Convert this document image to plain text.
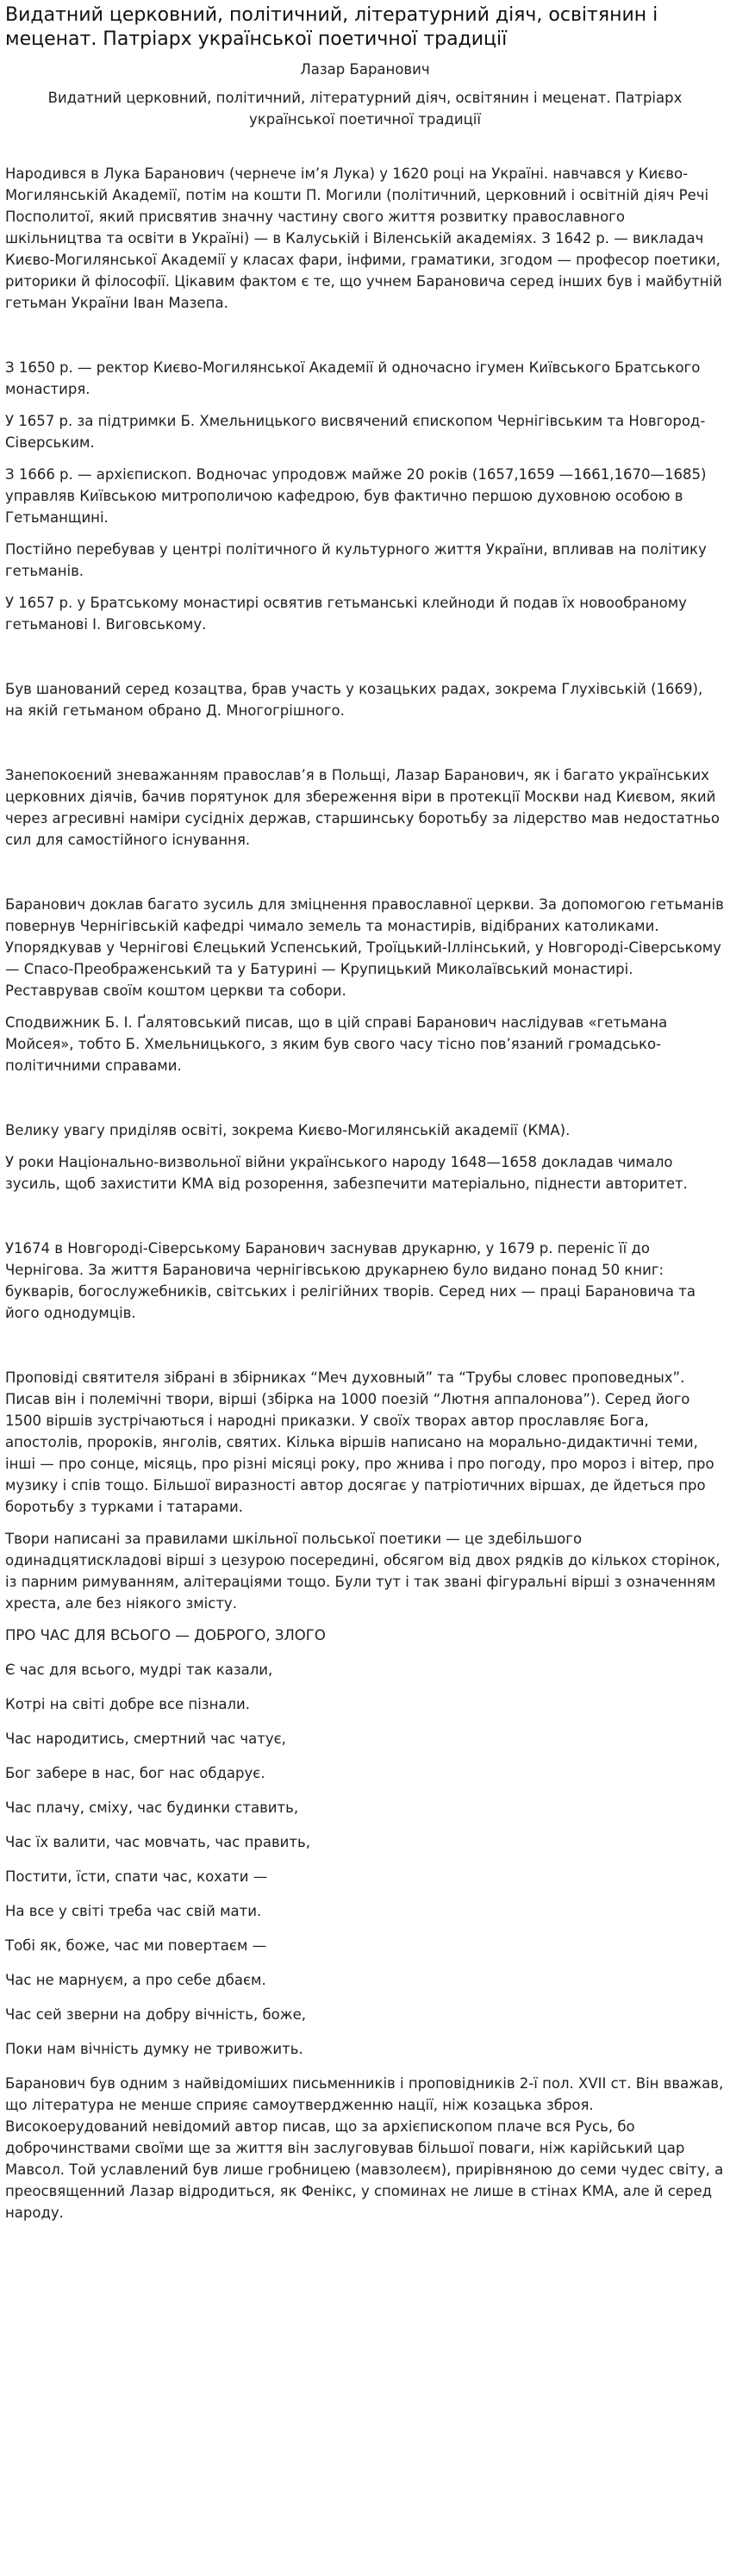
Видатний церковний, політичний, літературний діяч, освітянин і меценат. Патріарх української поетичної традиції
Лазар Баранович
Видатний церковний, політичний, літературний діяч, освітянин і меценат. Патріарх української поетичної традиції

Народився в Лука Баранович (чернече ім’я Лука) у 1620 році на Україні. навчався у Києво-Могилянській Академії, потім на кошти П. Могили (політичний, церковний і освітній діяч Речі Посполитої, який присвятив значну частину свого життя розвитку православного шкільництва та освіти в Україні) — в Калуській і Віленській академіях. З 1642 р. — викладач Києво-Могилянської Академії у класах фари, інфими, граматики, згодом — професор поетики, риторики й філософії. Цікавим фактом є те, що учнем Барановича серед інших був і майбутній гетьман України Іван Мазепа.

З 1650 р. — ректор Києво-Могилянської Академії й одночасно ігумен Київського Братського монастиря.

У 1657 р. за підтримки Б. Хмельницького висвячений єпископом Чернігівським та Новгород-Сіверським.

З 1666 р. — архієпископ. Водночас упродовж майже 20 років (1657,1659 —1661,1670—1685) управляв Київською митрополичою кафедрою, був фактично першою духовною особою в Гетьманщині.

Постійно перебував у центрі політичного й культурного життя України, впливав на політику гетьманів.

У 1657 р. у Братському монастирі освятив гетьманські клейноди й подав їх новообраному гетьманові І. Виговському.

Був шанований серед козацтва, брав участь у козацьких радах, зокрема Глухівській (1669), на якій гетьманом обрано Д. Многогрішного.

Занепокоєний зневажанням православ’я в Польщі, Лазар Баранович, як і багато українських церковних діячів, бачив порятунок для збереження віри в протекції Москви над Києвом, який через агресивні наміри сусідніх держав, старшинську боротьбу за лідерство мав недостатньо сил для самостійного існування.

Баранович доклав багато зусиль для зміцнення православної церкви. За допомогою гетьманів повернув Чернігівській кафедрі чимало земель та монастирів, відібраних католиками. Упорядкував у Чернігові Єлецький Успенський, Троїцький-Іллінський, у Новгороді-Сіверському — Спасо-Преображенський та у Батурині — Крупицький Миколаївський монастирі. Реставрував своїм коштом церкви та собори.

Сподвижник Б. І. Ґалятовський писав, що в цій справі Баранович наслідував «гетьмана Мойсея», тобто Б. Хмельницького, з яким був свого часу тісно пов’язаний громадсько-політичними справами.

Велику увагу приділяв освіті, зокрема Києво-Могилянській академії (КМА).

У роки Національно-визвольної війни українського народу 1648—1658 докладав чимало зусиль, щоб захистити КМА від розорення, забезпечити матеріально, піднести авторитет.

У1674 в Новгороді-Сіверському Баранович заснував друкарню, у 1679 р. переніс її до Чернігова. За життя Барановича чернігівською друкарнею було видано понад 50 книг: букварів, богослужебників, світських і релігійних творів. Серед них — праці Барановича та його однодумців.

Проповіді святителя зібрані в збірниках “Меч духовный” та “Трубы словес проповедных”. Писав він і полемічні твори, вірші (збірка на 1000 поезій “Лютня аппалонова”). Серед його 1500 віршів зустрічаються і народні приказки. У своїх творах автор прославляє Бога, апостолів, пророків, янголів, святих. Кілька віршів написано на морально-дидактичні теми, інші — про сонце, місяць, про різні місяці року, про жнива і про погоду, про мороз і вітер, про музику і спів тощо. Більшої виразності автор досягає у патріотичних віршах, де йдеться про боротьбу з турками і татарами.

Твори написані за правилами шкільної польської поетики — це здебільшого одинадцятискладові вірші з цезурою посередині, обсягом від двох рядків до кількох сторінок, із парним римуванням, алітераціями тощо. Були тут і так звані фігуральні вірші з означенням хреста, але без ніякого змісту.

ПРО ЧАС ДЛЯ ВСЬОГО — ДОБРОГО, ЗЛОГО

Є час для всього, мудрі так казали,

Котрі на світі добре все пізнали.

Час народитись, смертний час чатує,

Бог забере в нас, бог нас обдарує.

Час плачу, сміху, час будинки ставить,

Час їх валити, час мовчать, час править,

Постити, їсти, спати час, кохати —

На все у світі треба час свій мати.

Тобі як, боже, час ми повертаєм —

Час не марнуєм, а про себе дбаєм.

Час сей зверни на добру вічність, боже,

Поки нам вічність думку не тривожить.

Баранович був одним з найвідоміших письменників і проповідників 2-ї пол. XVII ст. Він вважав, що література не менше сприяє самоутвердженню нації, ніж козацька зброя. Високоерудований невідомий автор писав, що за архієпископом плаче вся Русь, бо доброчинствами своїми ще за життя він заслуговував більшої поваги, ніж карійський цар Мавсол. Той уславлений був лише гробницею (мавзолеєм), прирівняною до семи чудес світу, а преосвященний Лазар відродиться, як Фенікс, у споминах не лише в стінах КМА, але й серед народу.
